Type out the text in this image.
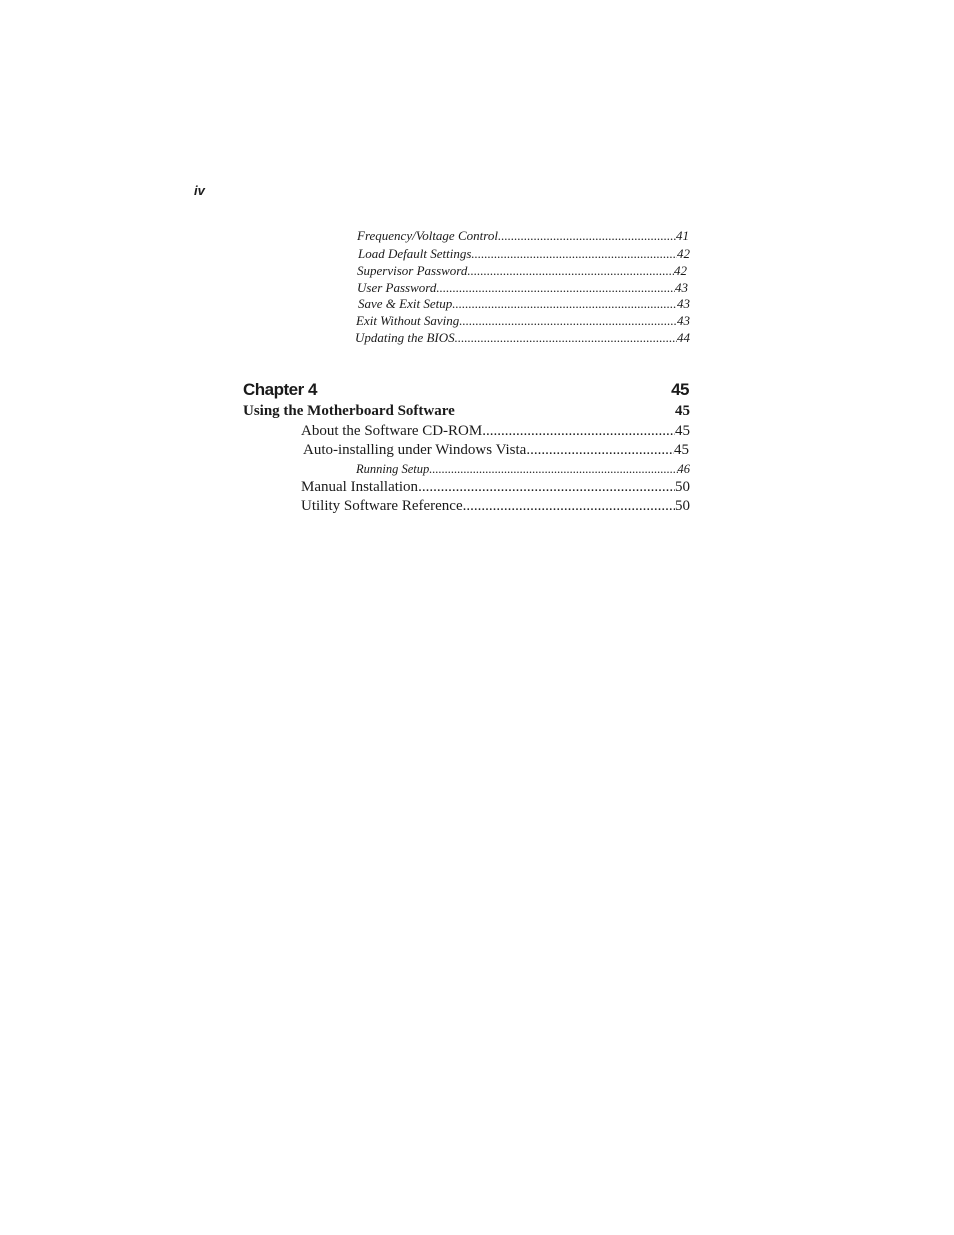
iv
Frequency/Voltage Control .....	41
Load Default Settings .....	42
Supervisor Password .....	42
User Password .....	43
Save & Exit Setup .....	43
Exit Without Saving .....	43
Updating the BIOS .....	44
Chapter 4	45
Using the Motherboard Software	45
About the Software CD-ROM .....	45
Auto-installing under Windows Vista .....	45
Running Setup .....	46
Manual Installation .....	50
Utility Software Reference .....	50
